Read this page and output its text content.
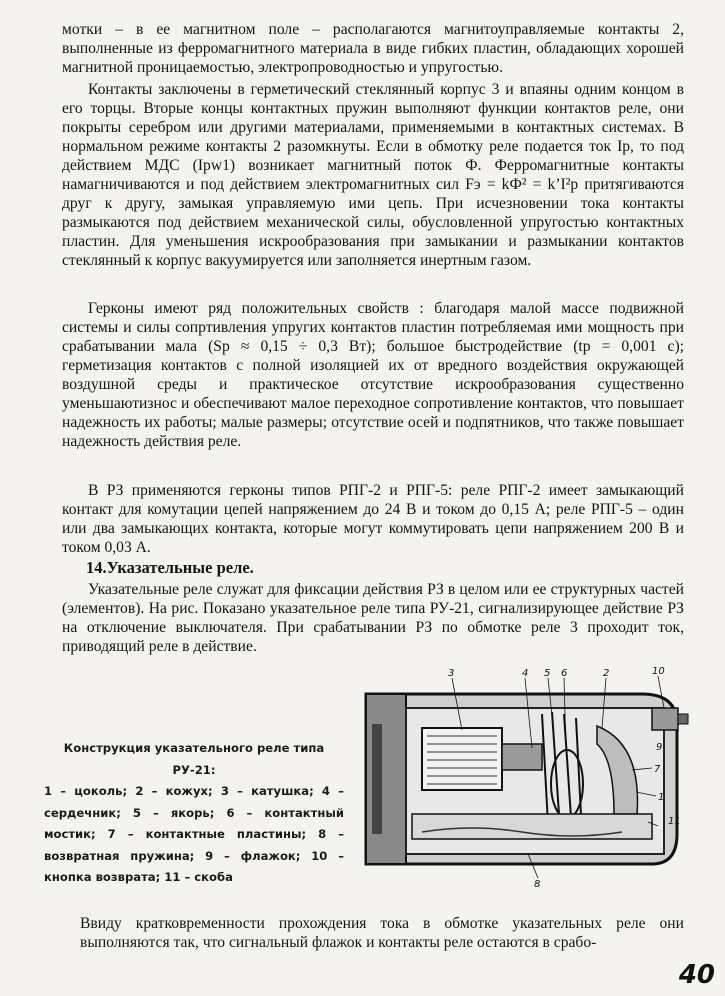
мотки – в ее магнитном поле – располагаются магнитоуправляемые контакты 2, выполненные из ферромагнитного материала в виде гибких пластин, обладающих хорошей магнитной проницаемостью, электропроводностью и упругостью.

Контакты заключены в герметический стеклянный корпус 3 и впаяны одним концом в его торцы. Вторые концы контактных пружин выполняют функции контактов реле, они покрыты серебром или другими материалами, применяемыми в контактных системах. В нормальном режиме контакты 2 разомкнуты. Если в обмотку реле подается ток Ip, то под действием МДС (Ipw1) возникает магнитный поток Ф. Ферромагнитные контакты намагничиваются и под действием электромагнитных сил Fэ = kФ² = k’I²p притягиваются друг к другу, замыкая управляемую ими цепь. При исчезновении тока контакты размыкаются под действием механической силы, обусловленной упругостью контактных пластин. Для уменьшения искрообразования при замыкании и размыкании контактов стеклянный к корпус вакуумируется или заполняется инертным газом.

Герконы имеют ряд положительных свойств : благодаря малой массе подвижной системы и силы сопртивления упругих контактов пластин потребляемая ими мощность при срабатывании мала (Sp ≈ 0,15 ÷ 0,3 Вт); большое быстродействие (tp = 0,001 с); герметизация контактов с полной изоляцией их от вредного воздействия окружающей воздушной среды и практическое отсутствие искрообразования существенно уменьшаютизнос и обеспечивают малое переходное сопротивление контактов, что повышает надежность их работы; малые размеры; отсутствие осей и подпятников, что также повышает надежность действия реле.

В РЗ применяются герконы типов РПГ-2 и РПГ-5: реле РПГ-2 имеет замыкающий контакт для комутации цепей напряжением до 24 В и током до 0,15 А; реле РПГ-5 – один или два замыкающих контакта, которые могут коммутировать цепи напряжением 200 В и током 0,03 А.

14.Указательные реле.

Указательные реле служат для фиксации действия РЗ в целом или ее структурных частей (элементов). На рис. Показано указательное реле типа РУ-21, сигнализирующее действие РЗ на отключение выключателя. При срабатывании РЗ по обмотке реле 3 проходит ток, приводящий реле в действие.

Конструкция указательного реле типа РУ-21:

1 – цоколь; 2 – кожух; 3 – катушка; 4 – сердечник; 5 – якорь; 6 – контактный мостик; 7 – контактные пластины; 8 – возвратная пружина; 9 – флажок; 10 – кнопка возврата; 11 – скоба

3	4 5 6	2	10
9
7
11
1
8

Ввиду кратковременности прохождения тока в обмотке указательных реле они выполняются так, что сигнальный флажок и контакты реле остаются в срабо-

40
